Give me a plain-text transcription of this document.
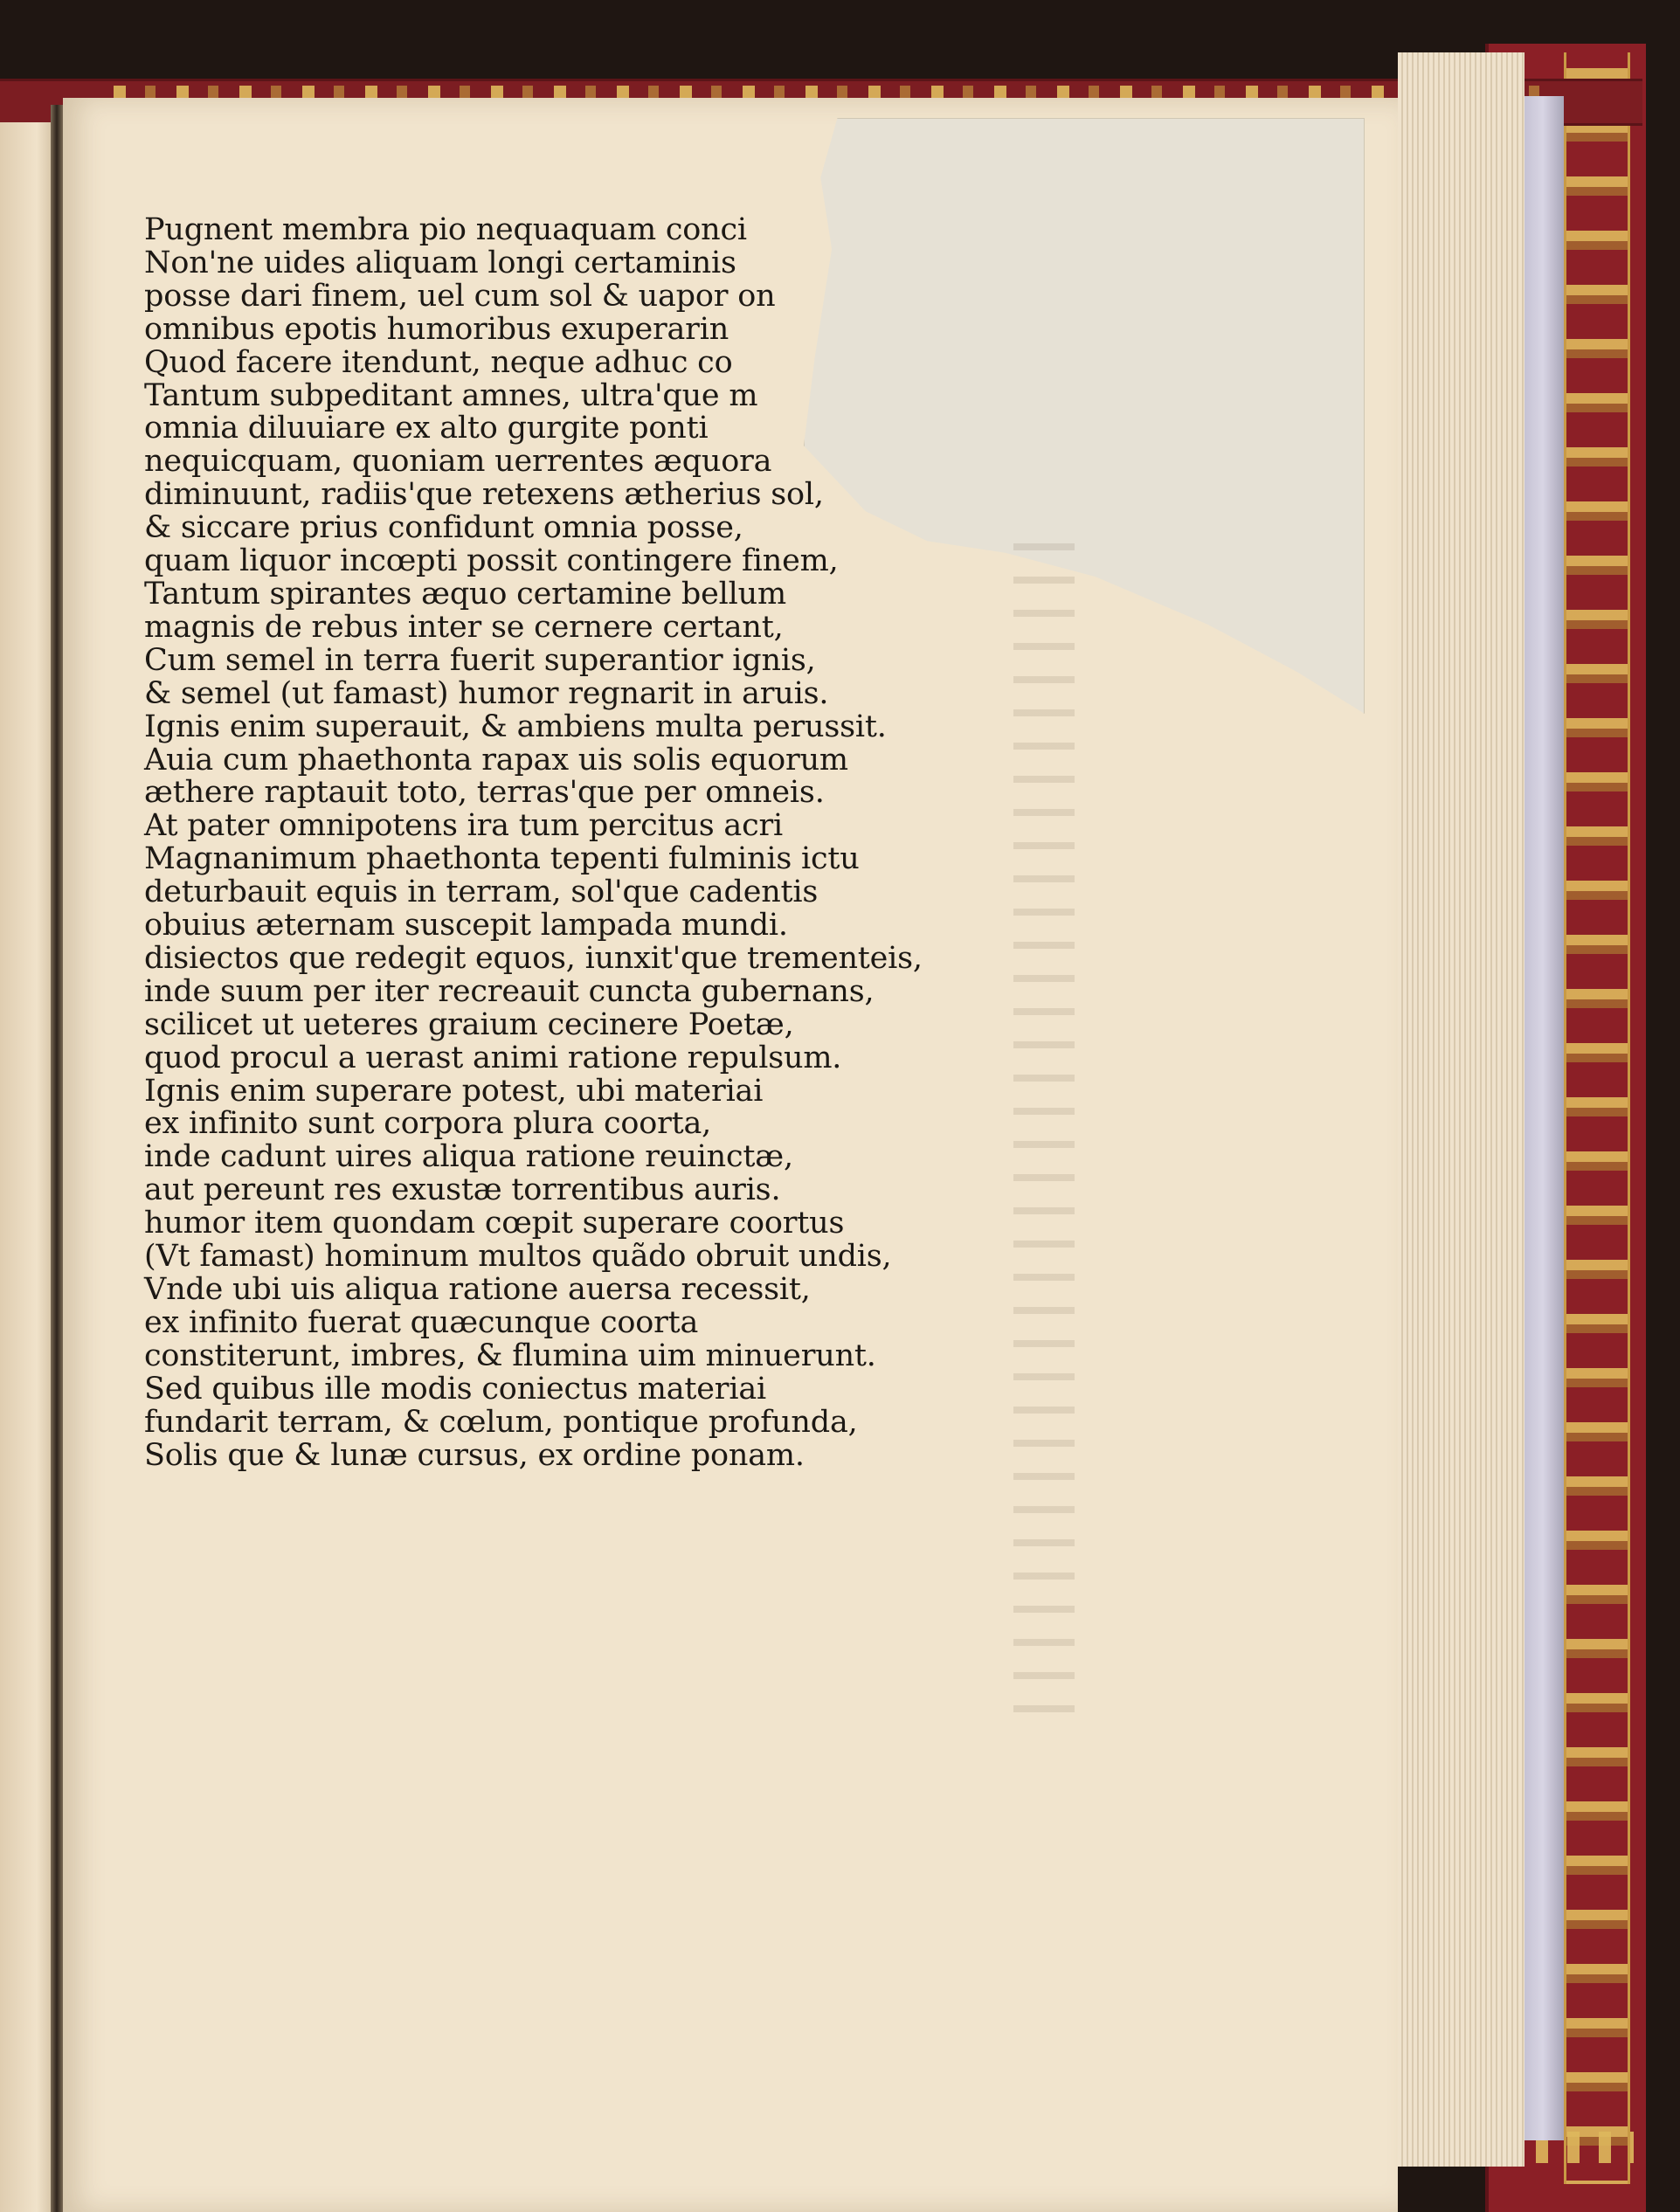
Pugnent membra pio nequaquam conci
Non'ne uides aliquam longi certaminis
posse dari finem, uel cum sol & uapor on
omnibus epotis humoribus exuperarin
Quod facere itendunt, neque adhuc co
Tantum subpeditant amnes, ultra'que m
omnia diluuiare ex alto gurgite ponti
nequicquam, quoniam uerrentes æquora
diminuunt, radiis'que retexens ætherius sol,
& siccare prius confidunt omnia posse,
quam liquor incœpti possit contingere finem,
Tantum spirantes æquo certamine bellum
magnis de rebus inter se cernere certant,
Cum semel in terra fuerit superantior ignis,
& semel (ut famast) humor regnarit in aruis.
Ignis enim superauit, & ambiens multa perussit.
Auia cum phaethonta rapax uis solis equorum
æthere raptauit toto, terras'que per omneis.
At pater omnipotens ira tum percitus acri
Magnanimum phaethonta tepenti fulminis ictu
deturbauit equis in terram, sol'que cadentis
obuius æternam suscepit lampada mundi.
disiectos que redegit equos, iunxit'que trementeis,
inde suum per iter recreauit cuncta gubernans,
scilicet ut ueteres graium cecinere Poetæ,
quod procul a uerast animi ratione repulsum.
Ignis enim superare potest, ubi materiai
ex infinito sunt corpora plura coorta,
inde cadunt uires aliqua ratione reuinctæ,
aut pereunt res exustæ torrentibus auris.
humor item quondam cœpit superare coortus
(Vt famast) hominum multos quãdo obruit undis,
Vnde ubi uis aliqua ratione auersa recessit,
ex infinito fuerat quæcunque coorta
constiterunt, imbres, & flumina uim minuerunt.
Sed quibus ille modis coniectus materiai
fundarit terram, & cœlum, pontique profunda,
Solis que & lunæ cursus, ex ordine ponam.
